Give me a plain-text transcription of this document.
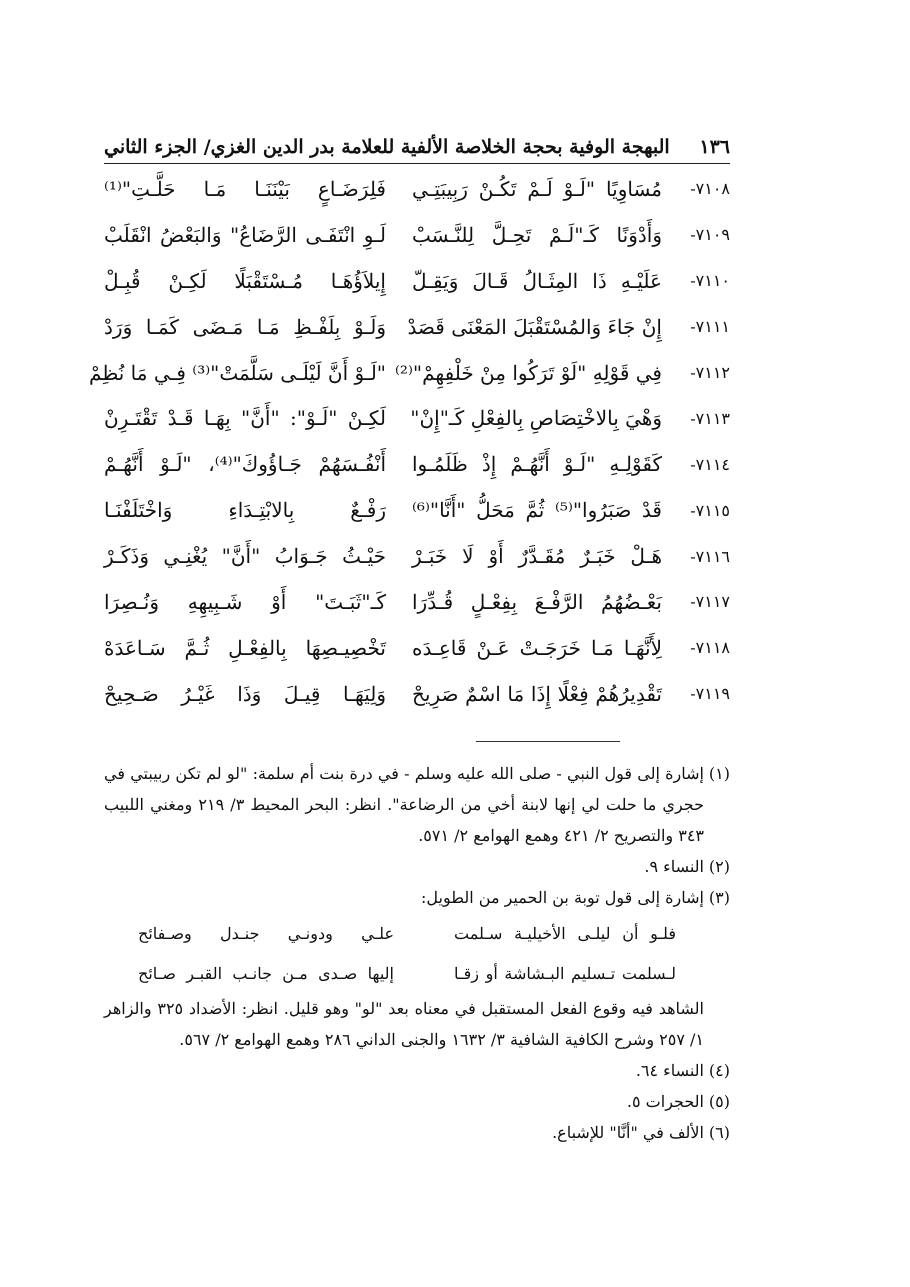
١٣٦
البهجة الوفية بحجة الخلاصة الألفية للعلامة بدر الدين الغزي/ الجزء الثاني
٧١٠٨-
مُسَاوِيًا "لَـوْ لَـمْ تَكُـنْ رَبِيبَتِـي
فَلِرَضَـاعٍ بَيْنَنَـا مَـا حَلَّـتِ"⁽¹⁾
٧١٠٩-
وَأَدْوَنًا كَـ"لَـمْ تَحِـلَّ لِلنَّـسَبْ
لَـوِ انْتَفَـى الرَّضَاعُ" وَالبَعْضُ انْقَلَبْ
٧١١٠-
عَلَيْـهِ ذَا المِثَـالُ قَـالَ وَيَقِـلّ
إِيلاَؤُهَـا مُـسْتَقْبَلًا لَكِـنْ قُبِـلْ
٧١١١-
إِنْ جَاءَ وَالمُسْتَقْبَلَ المَعْنَى قَصَدْ
وَلَـوْ بِلَفْـظِ مَـا مَـضَى كَمَـا وَرَدْ
٧١١٢-
فِي قَوْلِهِ "لَوْ تَرَكُوا مِنْ خَلْفِهِمْ"⁽²⁾
"لَـوْ أَنَّ لَيْلَـى سَلَّمَتْ"⁽³⁾ فِـي مَا نُظِمْ
٧١١٣-
وَهْيَ بِالاخْتِصَاصِ بِالفِعْلِ كَـ"إِنْ"
لَكِـنْ "لَـوْ": "أَنَّ" بِهَـا قَـدْ تَقْتَـرِنْ
٧١١٤-
كَقَوْلِـهِ "لَـوْ أَنَّهُـمْ إِذْ ظَلَمُـوا
أَنْفُـسَهُمْ جَـاؤُوكَ"⁽⁴⁾، "لَـوْ أَنَّهُـمْ
٧١١٥-
قَدْ صَبَرُوا"⁽⁵⁾ ثُمَّ مَحَلُّ "أَنَّا"⁽⁶⁾
رَفْـعٌ بِالابْتِـدَاءِ وَاخْتَلَفْنَـا
٧١١٦-
هَـلْ خَبَـرٌ مُقَـدَّرٌ أَوْ لَا خَبَـرْ
حَيْـثُ جَـوَابُ "أَنَّ" يُغْنِـي وَذَكَـرْ
٧١١٧-
بَعْـضُهُمُ الرَّفْـعَ بِفِعْـلٍ قُـدِّرَا
كَـ"ثَبَـتَ" أَوْ شَـبِيهِهِ وَنُـصِرَا
٧١١٨-
لِأَنَّهَـا مَـا خَرَجَـتْ عَـنْ قَاعِـدَه
تَخْصِيـصِهَا بِالفِعْـلِ ثُـمَّ سَـاعَدَهْ
٧١١٩-
تَقْدِيرُهُمْ فِعْلًا إِذَا مَا اسْمٌ صَرِيحْ
وَلِيَهَـا قِيـلَ وَذَا غَيْـرُ صَـحِيحْ
(١)
إشارة إلى قول النبي - صلى الله عليه وسلم - في درة بنت أم سلمة: "لو لم تكن ربيبتي في حجري ما حلت لي إنها لابنة أخي من الرضاعة". انظر: البحر المحيط ٣/ ٢١٩ ومغني اللبيب ٣٤٣ والتصريح ٢/ ٤٢١ وهمع الهوامع ٢/ ٥٧١.
(٢)
النساء ٩.
(٣)
إشارة إلى قول توبة بن الحمير من الطويل:
فلـو أن ليلـى الأخيليـة سـلمت
علـي ودونـي جنـدل وصـفائح
لـسلمت تـسليم البـشاشة أو زقـا
إليها صـدى مـن جانـب القبـر صـائح
الشاهد فيه وقوع الفعل المستقبل في معناه بعد "لو" وهو قليل. انظر: الأضداد ٣٢٥ والزاهر ١/ ٢٥٧ وشرح الكافية الشافية ٣/ ١٦٣٢ والجنى الداني ٢٨٦ وهمع الهوامع ٢/ ٥٦٧.
(٤)
النساء ٦٤.
(٥)
الحجرات ٥.
(٦)
الألف في "أنَّا" للإشباع.
